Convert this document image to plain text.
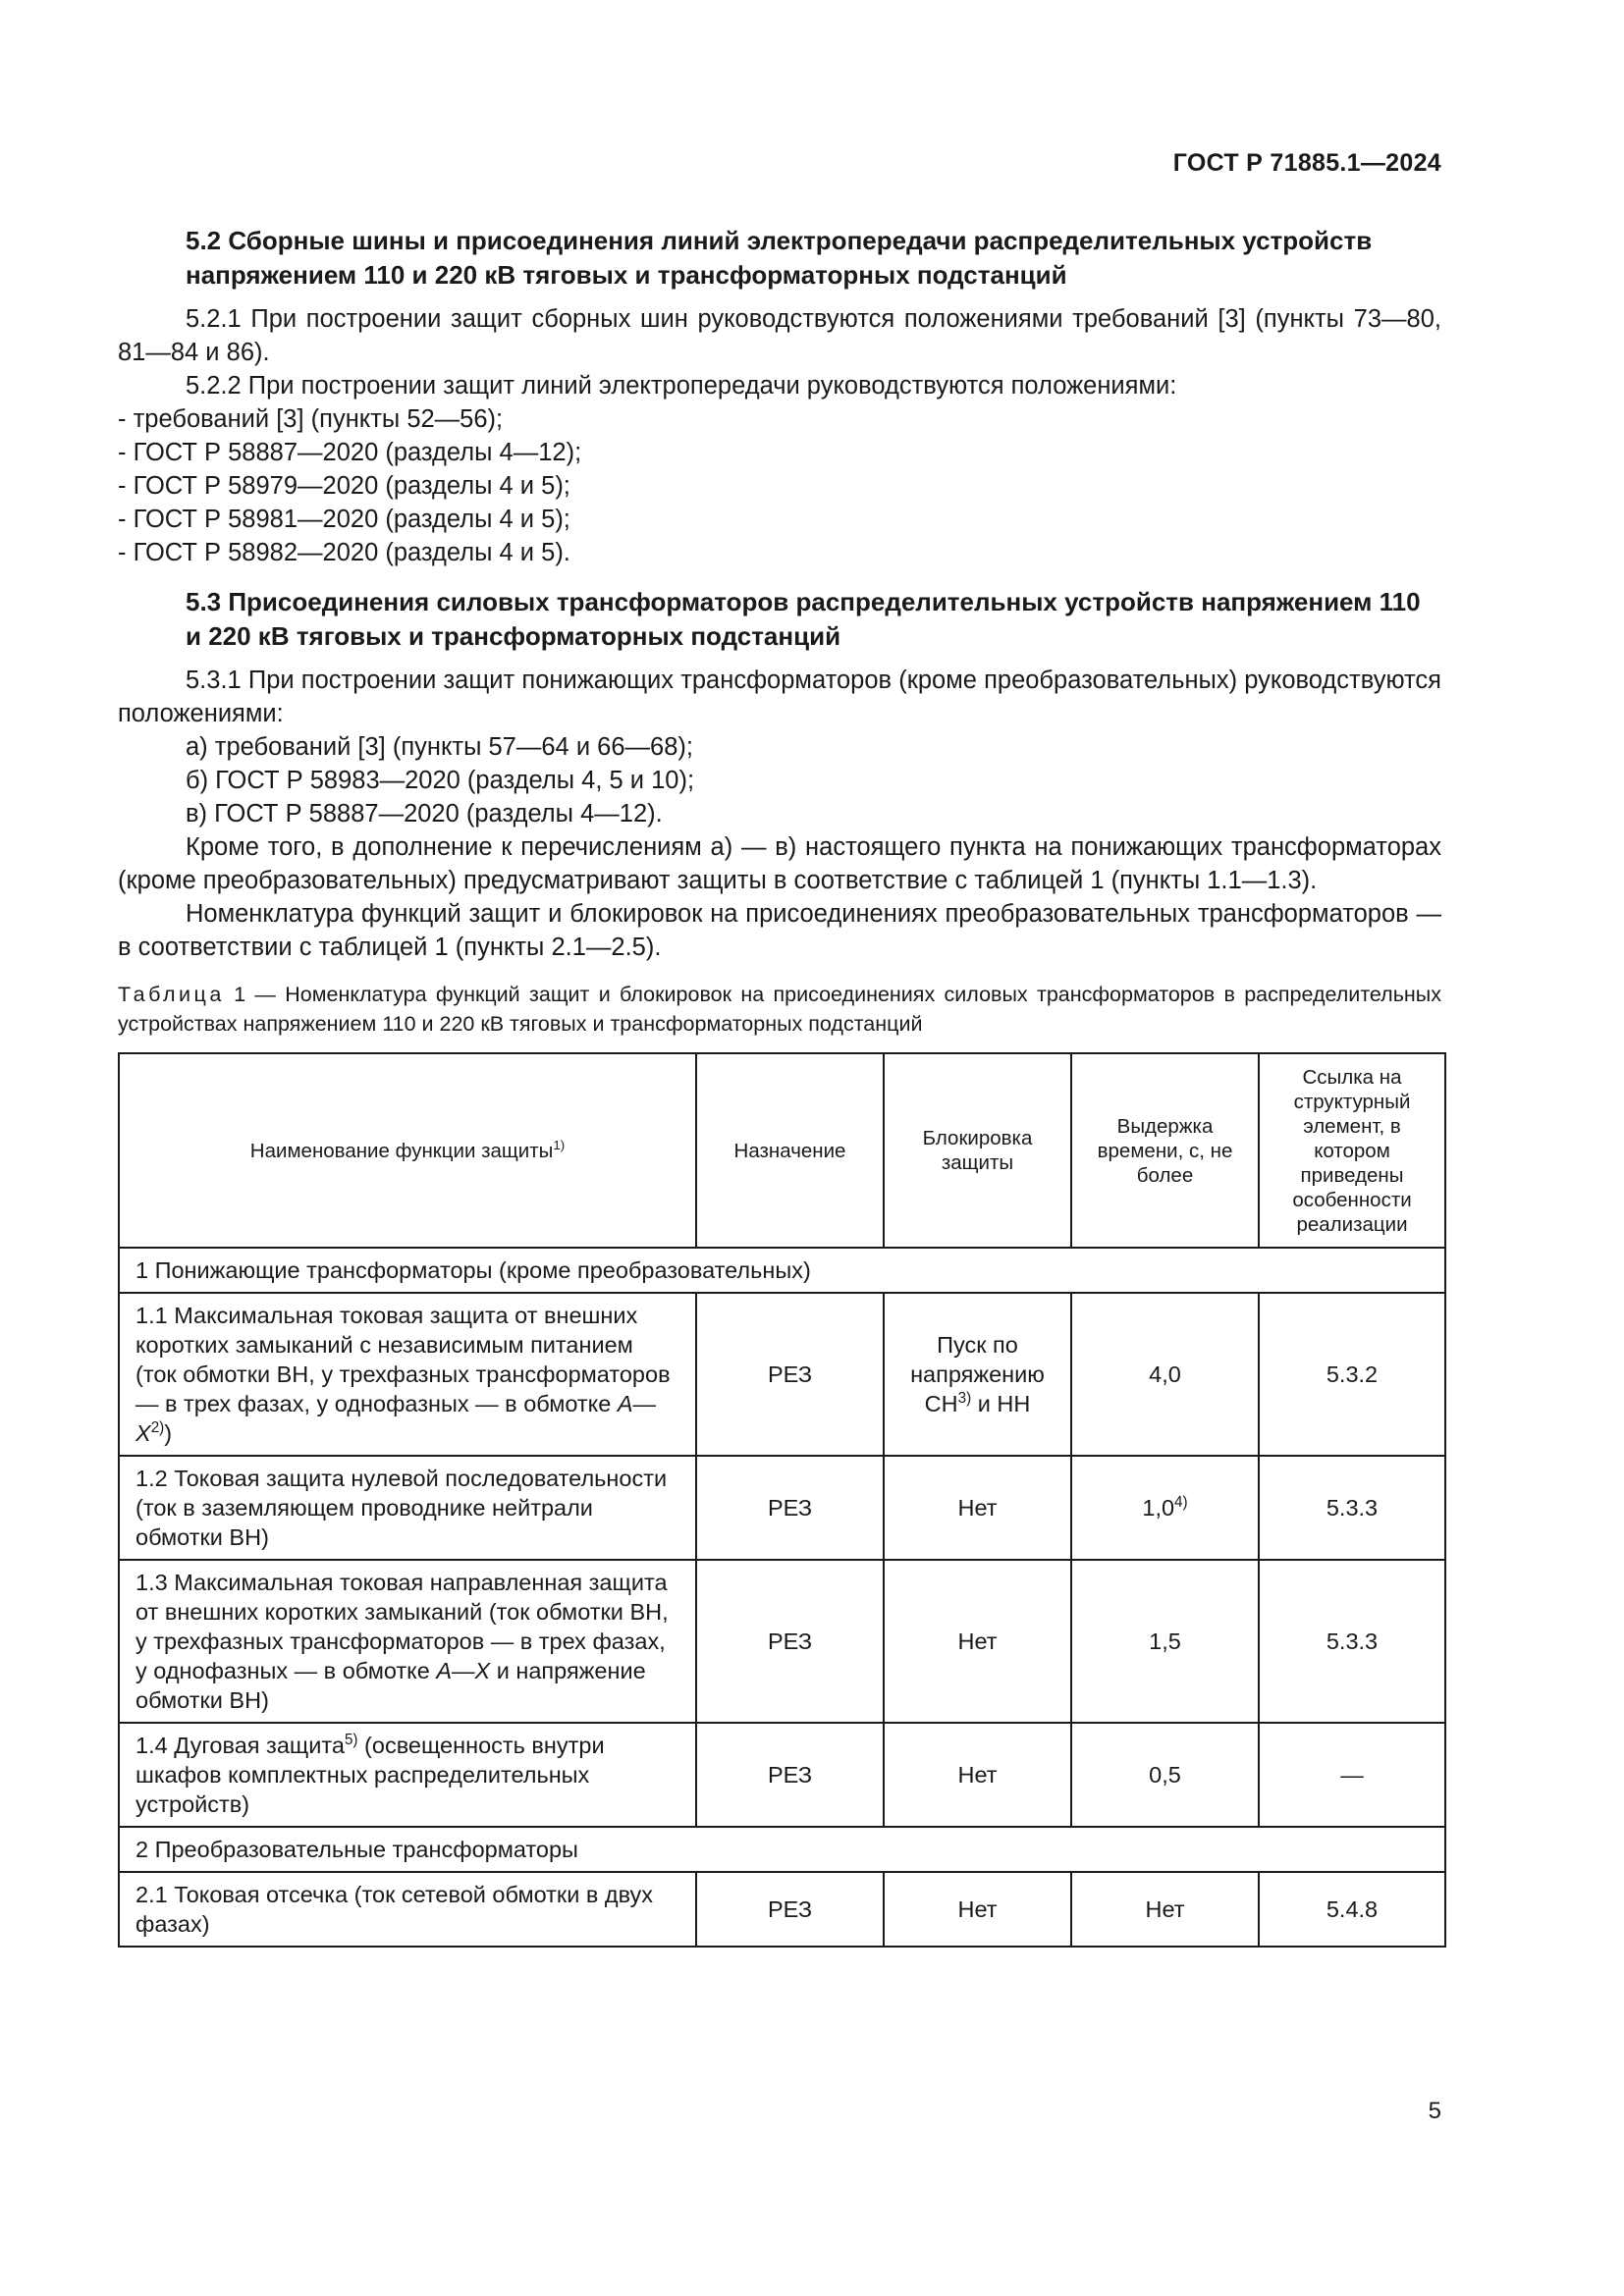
ГОСТ Р 71885.1—2024

5.2 Сборные шины и присоединения линий электропередачи распределительных устройств напряжением 110 и 220 кВ тяговых и трансформаторных подстанций

5.2.1 При построении защит сборных шин руководствуются положениями требований [3] (пункты 73—80, 81—84 и 86).

5.2.2 При построении защит линий электропередачи руководствуются положениями:

- требований [3] (пункты 52—56);

- ГОСТ Р 58887—2020 (разделы 4—12);

- ГОСТ Р 58979—2020 (разделы 4 и 5);

- ГОСТ Р 58981—2020 (разделы 4 и 5);

- ГОСТ Р 58982—2020 (разделы 4 и 5).

5.3 Присоединения силовых трансформаторов распределительных устройств напряжением 110 и 220 кВ тяговых и трансформаторных подстанций

5.3.1 При построении защит понижающих трансформаторов (кроме преобразовательных) руководствуются положениями:

а) требований [3] (пункты 57—64 и 66—68);

б) ГОСТ Р 58983—2020 (разделы 4, 5 и 10);

в) ГОСТ Р 58887—2020 (разделы 4—12).

Кроме того, в дополнение к перечислениям а) — в) настоящего пункта на понижающих трансформаторах (кроме преобразовательных) предусматривают защиты в соответствие с таблицей 1 (пункты 1.1—1.3).

Номенклатура функций защит и блокировок на присоединениях преобразовательных трансформаторов — в соответствии с таблицей 1 (пункты 2.1—2.5).

Таблица 1 — Номенклатура функций защит и блокировок на присоединениях силовых трансформаторов в распределительных устройствах напряжением 110 и 220 кВ тяговых и трансформаторных подстанций

Наименование функции защиты$^{1)}$	Назначение	Блокировка защиты	Выдержка времени, с, не более	Ссылка на структурный элемент, в котором приведены особенности реализации
1 Понижающие трансформаторы (кроме преобразовательных)				
1.1 Максимальная токовая защита от внешних коротких замыканий с независимым питанием (ток обмотки ВН, у трехфазных трансформаторов — в трех фазах, у однофазных — в обмотке $А—Х^{2)}$)	РЕЗ	Пуск по напряжению СН$^{3)}$ и НН	4,0	5.3.2
1.2 Токовая защита нулевой последовательности (ток в заземляющем проводнике нейтрали обмотки ВН)	РЕЗ	Нет	1,0$^{4)}$	5.3.3
1.3 Максимальная токовая направленная защита от внешних коротких замыканий (ток обмотки ВН, у трехфазных трансформаторов — в трех фазах, у однофазных — в обмотке А—Х и напряжение обмотки ВН)	РЕЗ	Нет	1,5	5.3.3
1.4 Дуговая защита$^{5)}$ (освещенность внутри шкафов комплектных распределительных устройств)	РЕЗ	Нет	0,5	—
2 Преобразовательные трансформаторы				
2.1 Токовая отсечка (ток сетевой обмотки в двух фазах)	РЕЗ	Нет	Нет	5.4.8
5
